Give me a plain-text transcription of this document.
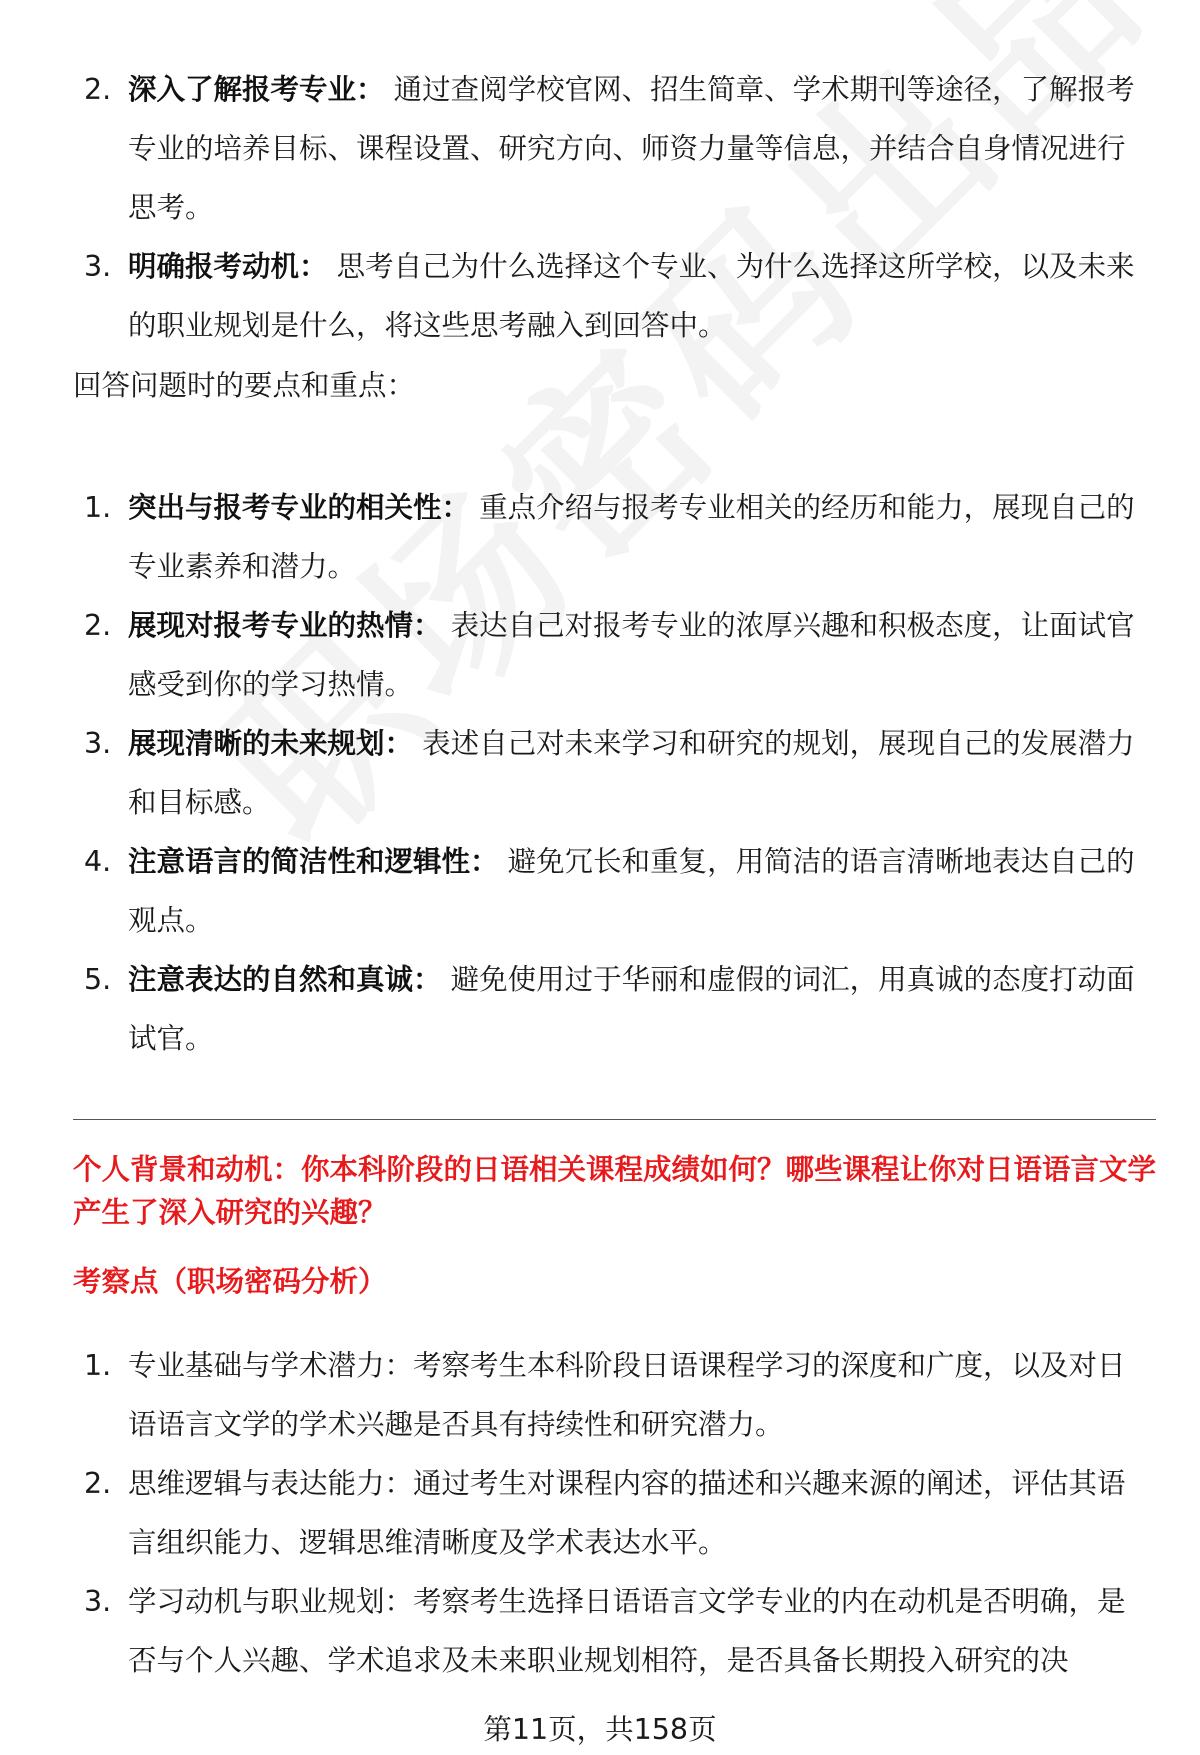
2. 深入了解报考专业： 通过查阅学校官网、招生简章、学术期刊等途径，了解报考专业的培养目标、课程设置、研究方向、师资力量等信息，并结合自身情况进行思考。
3. 明确报考动机： 思考自己为什么选择这个专业、为什么选择这所学校，以及未来的职业规划是什么，将这些思考融入到回答中。
回答问题时的要点和重点：
1. 突出与报考专业的相关性： 重点介绍与报考专业相关的经历和能力，展现自己的专业素养和潜力。
2. 展现对报考专业的热情： 表达自己对报考专业的浓厚兴趣和积极态度，让面试官感受到你的学习热情。
3. 展现清晰的未来规划： 表述自己对未来学习和研究的规划，展现自己的发展潜力和目标感。
4. 注意语言的简洁性和逻辑性： 避免冗长和重复，用简洁的语言清晰地表达自己的观点。
5. 注意表达的自然和真诚： 避免使用过于华丽和虚假的词汇，用真诚的态度打动面试官。
个人背景和动机：你本科阶段的日语相关课程成绩如何？哪些课程让你对日语语言文学产生了深入研究的兴趣？
考察点（职场密码分析）
1. 专业基础与学术潜力：考察考生本科阶段日语课程学习的深度和广度，以及对日语语言文学的学术兴趣是否具有持续性和研究潜力。
2. 思维逻辑与表达能力：通过考生对课程内容的描述和兴趣来源的阐述，评估其语言组织能力、逻辑思维清晰度及学术表达水平。
3. 学习动机与职业规划：考察考生选择日语语言文学专业的内在动机是否明确，是否与个人兴趣、学术追求及未来职业规划相符，是否具备长期投入研究的决
第11页，共158页
